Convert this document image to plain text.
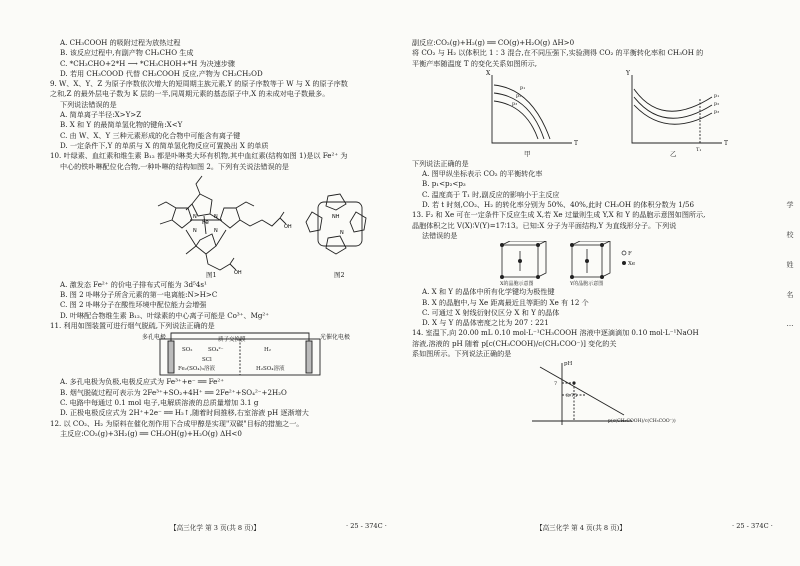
A. CH₃COOH 的吸附过程为放热过程
B. 该反应过程中,有副产物 CH₃CHO 生成
C. *CH₃CHO+2*H ⟶ *CH₃CHOH+*H 为决速步骤
D. 若用 CH₃COOD 代替 CH₃COOH 反应,产物为 CH₃CH₂OD
9. W、X、Y、Z 为原子序数依次增大的短周期主族元素,Y 的原子序数等于 W 与 X 的原子序数
之和,Z 的最外层电子数为 K 层的一半,同周期元素的基态原子中,X 的未成对电子数最多。
下列说法错误的是
A. 简单离子半径:X>Y>Z
B. X 和 Y 的最简单氢化物的键角:X<Y
C. 由 W、X、Y 三种元素形成的化合物中可能含有离子键
D. 一定条件下,Y 的单质与 X 的简单氢化物反应可置换出 X 的单质
10. 叶绿素、血红素和维生素 B₁₂ 都是卟啉类大环有机物,其中血红素(结构如图 1)是以 Fe²⁺ 为
中心的铁卟啉配位化合物,一种卟啉的结构如图 2。下列有关说法错误的是
Fe
N	N
N	N
OH
OH
NH
N
图1	图2
A. 激发态 Fe²⁺ 的价电子排布式可能为 3d⁵4s¹
B. 图 2 卟啉分子所含元素的第一电离能:N>H>C
C. 图 2 卟啉分子在酸性环境中配位能力会增强
D. 叶啉配合物维生素 B₁₂、叶绿素的中心离子可能是 Co³⁺、Mg²⁺
11. 利用如图装置可进行烟气脱硫,下列说法正确的是
多孔电极	光催化电极
质子交换膜
SO₂	SO₄²⁻
SCl
Fe₂(SO₄)₃溶液
H₂
H₂SO₄溶液
A. 多孔电极为负极,电极反应式为 Fe³⁺+e⁻ ══ Fe²⁺
B. 烟气脱硫过程可表示为 2Fe³⁺+SO₂+4H⁺ ══ 2Fe²⁺+SO₄²⁻+2H₂O
C. 电路中每通过 0.1 mol 电子,电解质溶液的总质量增加 3.1 g
D. 正极电极反应式为 2H⁺+2e⁻ ══ H₂↑,随着时间推移,右室溶液 pH 逐渐增大
12. 以 CO₂、H₂ 为原料在催化剂作用下合成甲醇是实现"双碳"目标的措施之一。
主反应:CO₂(g)+3H₂(g) ══ CH₃OH(g)+H₂O(g) ΔH<0
副反应:CO₂(g)+H₂(g) ══ CO(g)+H₂O(g) ΔH>0
将 CO₂ 与 H₂ 以体积比 1∶3 混合,在不同压强下,实验测得 CO₂ 的平衡转化率和 CH₃OH 的
平衡产率随温度 T 的变化关系如图所示,
X
T
甲
p₁
p₂
p₃
Y
T
乙	T₁
p₁
p₂
p₃
下列说法正确的是
A. 图甲纵坐标表示 CO₂ 的平衡转化率
B. p₁<p₂<p₃
C. 温度高于 T₁ 时,副反应的影响小于主反应
D. 若 t 时刻,CO₂、H₂ 的转化率分别为 50%、40%,此时 CH₃OH 的体积分数为 1/56
13. F₂ 和 Xe 可在一定条件下反应生成 X,若 Xe 过量则生成 Y,X 和 Y 的晶胞示意图如图所示,
晶胞体积之比 V(X)∶V(Y)=17∶13。已知:X 分子为平面结构,Y 为直线形分子。下列说
法错误的是
X的晶胞示意图	Y的晶胞示意图
F
Xe
A. X 和 Y 的晶体中所有化学键均为极性键
B. X 的晶胞中,与 Xe 距离最近且等距的 Xe 有 12 个
C. 可通过 X 射线衍射仪区分 X 和 Y 的晶体
D. X 与 Y 的晶体密度之比为 207∶221
14. 室温下,向 20.00 mL 0.10 mol·L⁻¹CH₃COOH 溶液中逐滴滴加 0.10 mol·L⁻¹NaOH
溶液,溶液的 pH 随着 p[c(CH₃COOH)/c(CH₃COO⁻)] 变化的关
系如图所示。下列说法正确的是
pH
7
3.75
p(c(CH₃COOH)/c(CH₃COO⁻))
【高三化学 第 3 页(共 8 页)】	· 25 - 374C ·	【高三化学 第 4 页(共 8 页)】	· 25 - 374C ·
学
校
姓
名
…
